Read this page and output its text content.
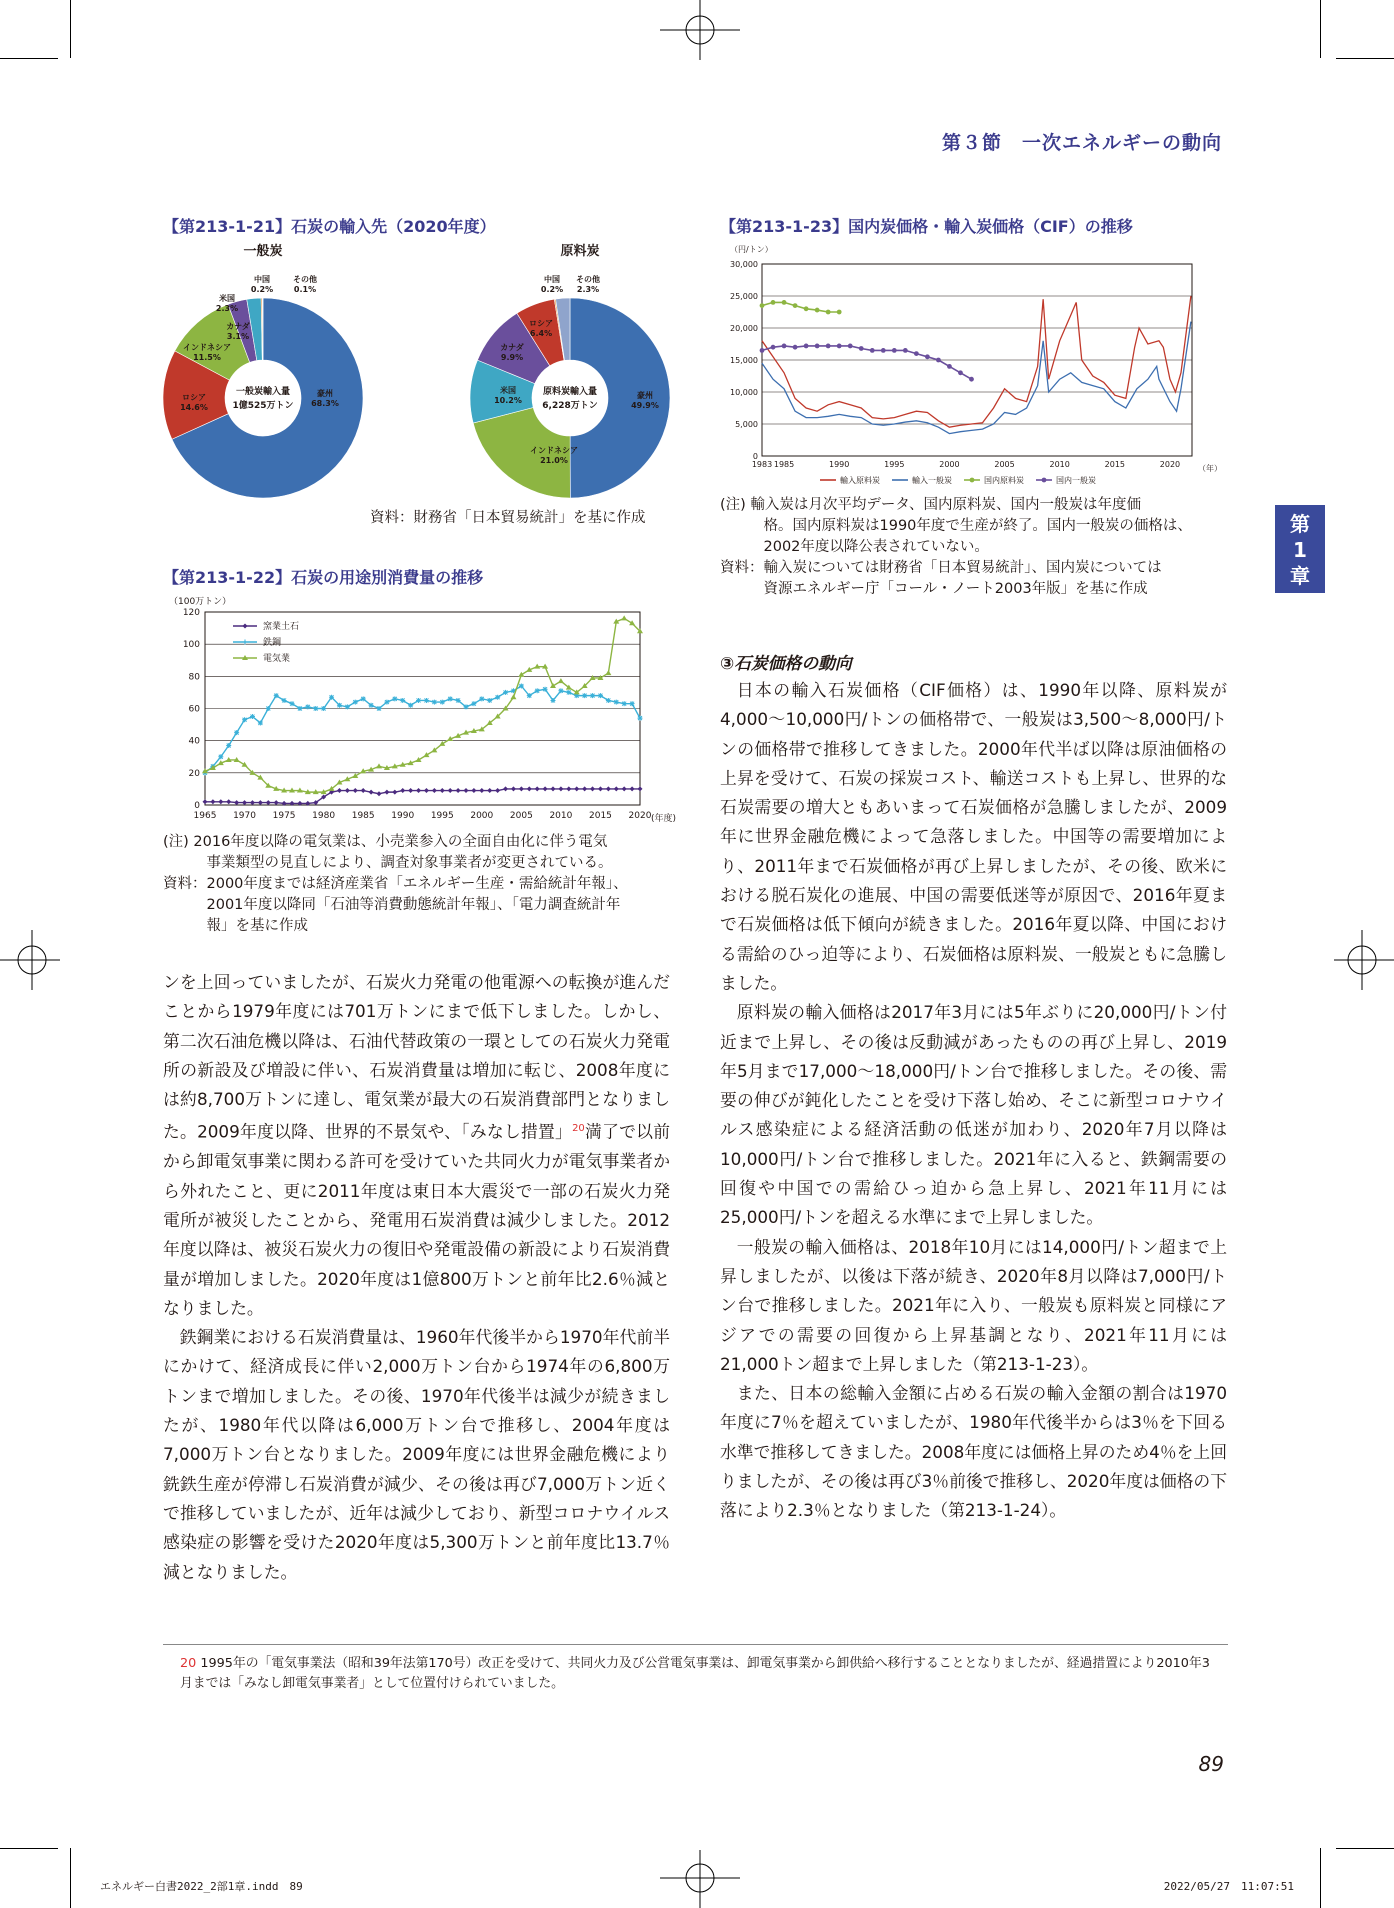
第３節　一次エネルギーの動向
第
1
章
【第213-1-21】石炭の輸入先（2020年度）
一般炭	原料炭
豪州
68.3%
ロシア
14.6%
インドネシア
11.5%
カナダ
3.1%
米国
2.3%
中国
0.2%
その他
0.1%
豪州
49.9%
インドネシア
21.0%
米国
10.2%
カナダ
9.9%
ロシア
6.4%
中国
0.2%
その他
2.3%
一般炭輸入量
1億525万トン
原料炭輸入量
6,228万トン
資料：財務省「日本貿易統計」を基に作成
【第213-1-22】石炭の用途別消費量の推移
（100万トン）
(年度)
0
20
40
60
80
100
120
1965 1970 1975 1980 1985 1990 1995 2000 2005 2010 2015 2020
窯業土石
鉄鋼
電気業
(注) 2016年度以降の電気業は、小売業参入の全面自由化に伴う電気
　　　事業類型の見直しにより、調査対象事業者が変更されている。
資料：2000年度までは経済産業省「エネルギー生産・需給統計年報」、
　　　2001年度以降同「石油等消費動態統計年報」、「電力調査統計年
　　　報」を基に作成
【第213-1-23】国内炭価格・輸入炭価格（CIF）の推移
（円/トン）
（年）
0
5,000
10,000
15,000
20,000
25,000
30,000
1983 1985	1990	1995	2000	2005	2010	2015	2020
輸入原料炭	輸入一般炭	国内原料炭	国内一般炭
(注) 輸入炭は月次平均データ、国内原料炭、国内一般炭は年度価
　　　格。国内原料炭は1990年度で生産が終了。国内一般炭の価格は、
　　　2002年度以降公表されていない。
資料：輸入炭については財務省「日本貿易統計」、国内炭については
　　　資源エネルギー庁「コール・ノート2003年版」を基に作成

ンを上回っていましたが、石炭火力発電の他電源への転換が進んだことから1979年度には701万トンにまで低下しました。しかし、第二次石油危機以降は、石油代替政策の一環としての石炭火力発電所の新設及び増設に伴い、石炭消費量は増加に転じ、2008年度には約8,700万トンに達し、電気業が最大の石炭消費部門となりました。2009年度以降、世界的不景気や、「みなし措置」$^{20}$満了で以前から卸電気事業に関わる許可を受けていた共同火力が電気事業者から外れたこと、更に2011年度は東日本大震災で一部の石炭火力発電所が被災したことから、発電用石炭消費は減少しました。2012年度以降は、被災石炭火力の復旧や発電設備の新設により石炭消費量が増加しました。2020年度は1億800万トンと前年比2.6％減となりました。

鉄鋼業における石炭消費量は、1960年代後半から1970年代前半にかけて、経済成長に伴い2,000万トン台から1974年の6,800万トンまで増加しました。その後、1970年代後半は減少が続きましたが、1980年代以降は6,000万トン台で推移し、2004年度は7,000万トン台となりました。2009年度には世界金融危機により銑鉄生産が停滞し石炭消費が減少、その後は再び7,000万トン近くで推移していましたが、近年は減少しており、新型コロナウイルス感染症の影響を受けた2020年度は5,300万トンと前年度比13.7％減となりました。

③石炭価格の動向

日本の輸入石炭価格（CIF価格）は、1990年以降、原料炭が4,000～10,000円/トンの価格帯で、一般炭は3,500～8,000円/トンの価格帯で推移してきました。2000年代半ば以降は原油価格の上昇を受けて、石炭の採炭コスト、輸送コストも上昇し、世界的な石炭需要の増大ともあいまって石炭価格が急騰しましたが、2009年に世界金融危機によって急落しました。中国等の需要増加により、2011年まで石炭価格が再び上昇しましたが、その後、欧米における脱石炭化の進展、中国の需要低迷等が原因で、2016年夏まで石炭価格は低下傾向が続きました。2016年夏以降、中国における需給のひっ迫等により、石炭価格は原料炭、一般炭ともに急騰しました。

原料炭の輸入価格は2017年3月には5年ぶりに20,000円/トン付近まで上昇し、その後は反動減があったものの再び上昇し、2019年5月まで17,000～18,000円/トン台で推移しました。その後、需要の伸びが鈍化したことを受け下落し始め、そこに新型コロナウイルス感染症による経済活動の低迷が加わり、2020年7月以降は10,000円/トン台で推移しました。2021年に入ると、鉄鋼需要の回復や中国での需給ひっ迫から急上昇し、2021年11月には25,000円/トンを超える水準にまで上昇しました。

一般炭の輸入価格は、2018年10月には14,000円/トン超まで上昇しましたが、以後は下落が続き、2020年8月以降は7,000円/トン台で推移しました。2021年に入り、一般炭も原料炭と同様にアジアでの需要の回復から上昇基調となり、2021年11月には21,000トン超まで上昇しました（第213-1-23）。

また、日本の総輸入金額に占める石炭の輸入金額の割合は1970年度に7％を超えていましたが、1980年代後半からは3％を下回る水準で推移してきました。2008年度には価格上昇のため4％を上回りましたが、その後は再び3％前後で推移し、2020年度は価格の下落により2.3％となりました（第213-1-24）。

20 1995年の「電気事業法（昭和39年法第170号）改正を受けて、共同火力及び公営電気事業は、卸電気事業から卸供給へ移行することとなりましたが、経過措置により2010年3月までは「みなし卸電気事業者」として位置付けられていました。
89
エネルギー白書2022_2部1章.indd　89	2022/05/27　11:07:51
